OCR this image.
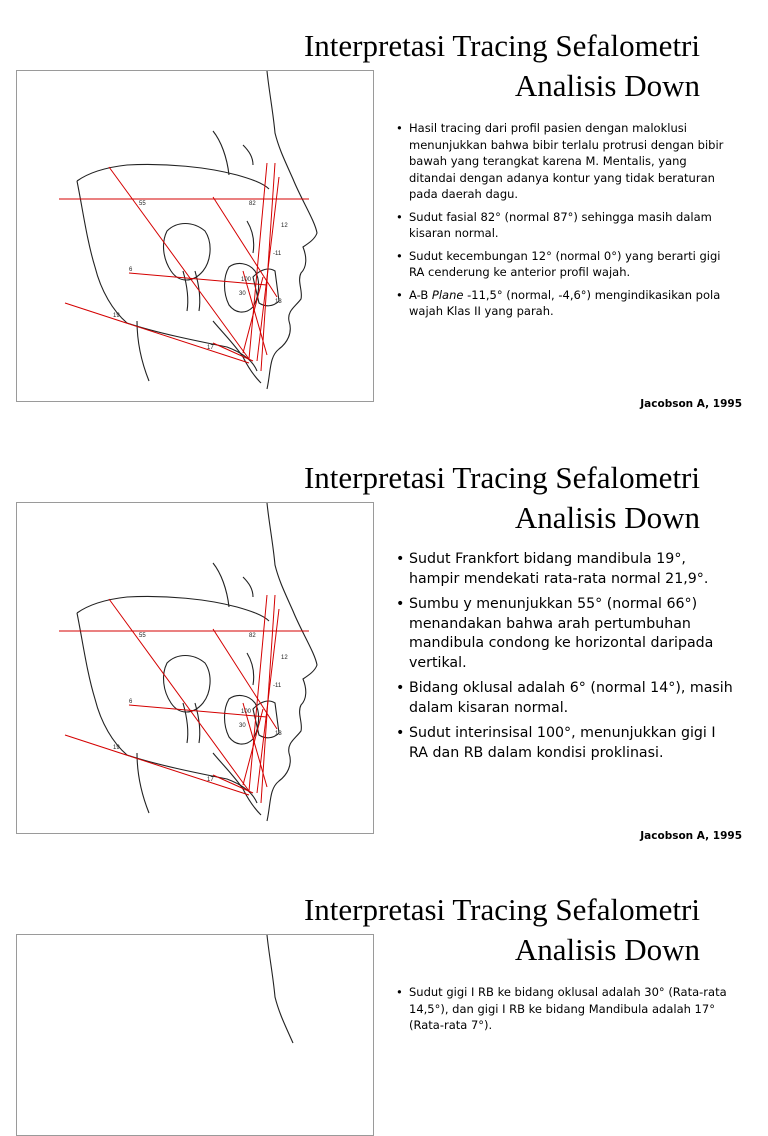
Interpretasi Tracing Sefalometri
Analisis Down
55	82
12
-11
6
100
30
13
19
17
• Hasil tracing dari profil pasien dengan maloklusi menunjukkan bahwa bibir terlalu protrusi dengan bibir bawah yang terangkat karena M. Mentalis, yang ditandai dengan adanya kontur yang tidak beraturan pada daerah dagu.
• Sudut fasial 82° (normal 87°) sehingga masih dalam kisaran normal.
• Sudut kecembungan 12° (normal 0°) yang berarti gigi RA cenderung ke anterior profil wajah.
• A-B Plane -11,5° (normal, -4,6°) mengindikasikan pola wajah Klas II yang parah.
Jacobson A, 1995
Interpretasi Tracing Sefalometri
Analisis Down
55	82
12
-11
6
100
30
13
19
17
• Sudut Frankfort bidang mandibula 19°, hampir mendekati rata-rata normal 21,9°.
• Sumbu y menunjukkan 55° (normal 66°) menandakan bahwa arah pertumbuhan mandibula condong ke horizontal daripada vertikal.
• Bidang oklusal adalah 6° (normal 14°), masih dalam kisaran normal.
• Sudut interinsisal 100°, menunjukkan gigi I RA dan RB dalam kondisi proklinasi.
Jacobson A, 1995
Interpretasi Tracing Sefalometri
Analisis Down
• Sudut gigi I RB ke bidang oklusal adalah 30° (Rata-rata 14,5°), dan gigi I RB ke bidang Mandibula adalah 17° (Rata-rata 7°).
